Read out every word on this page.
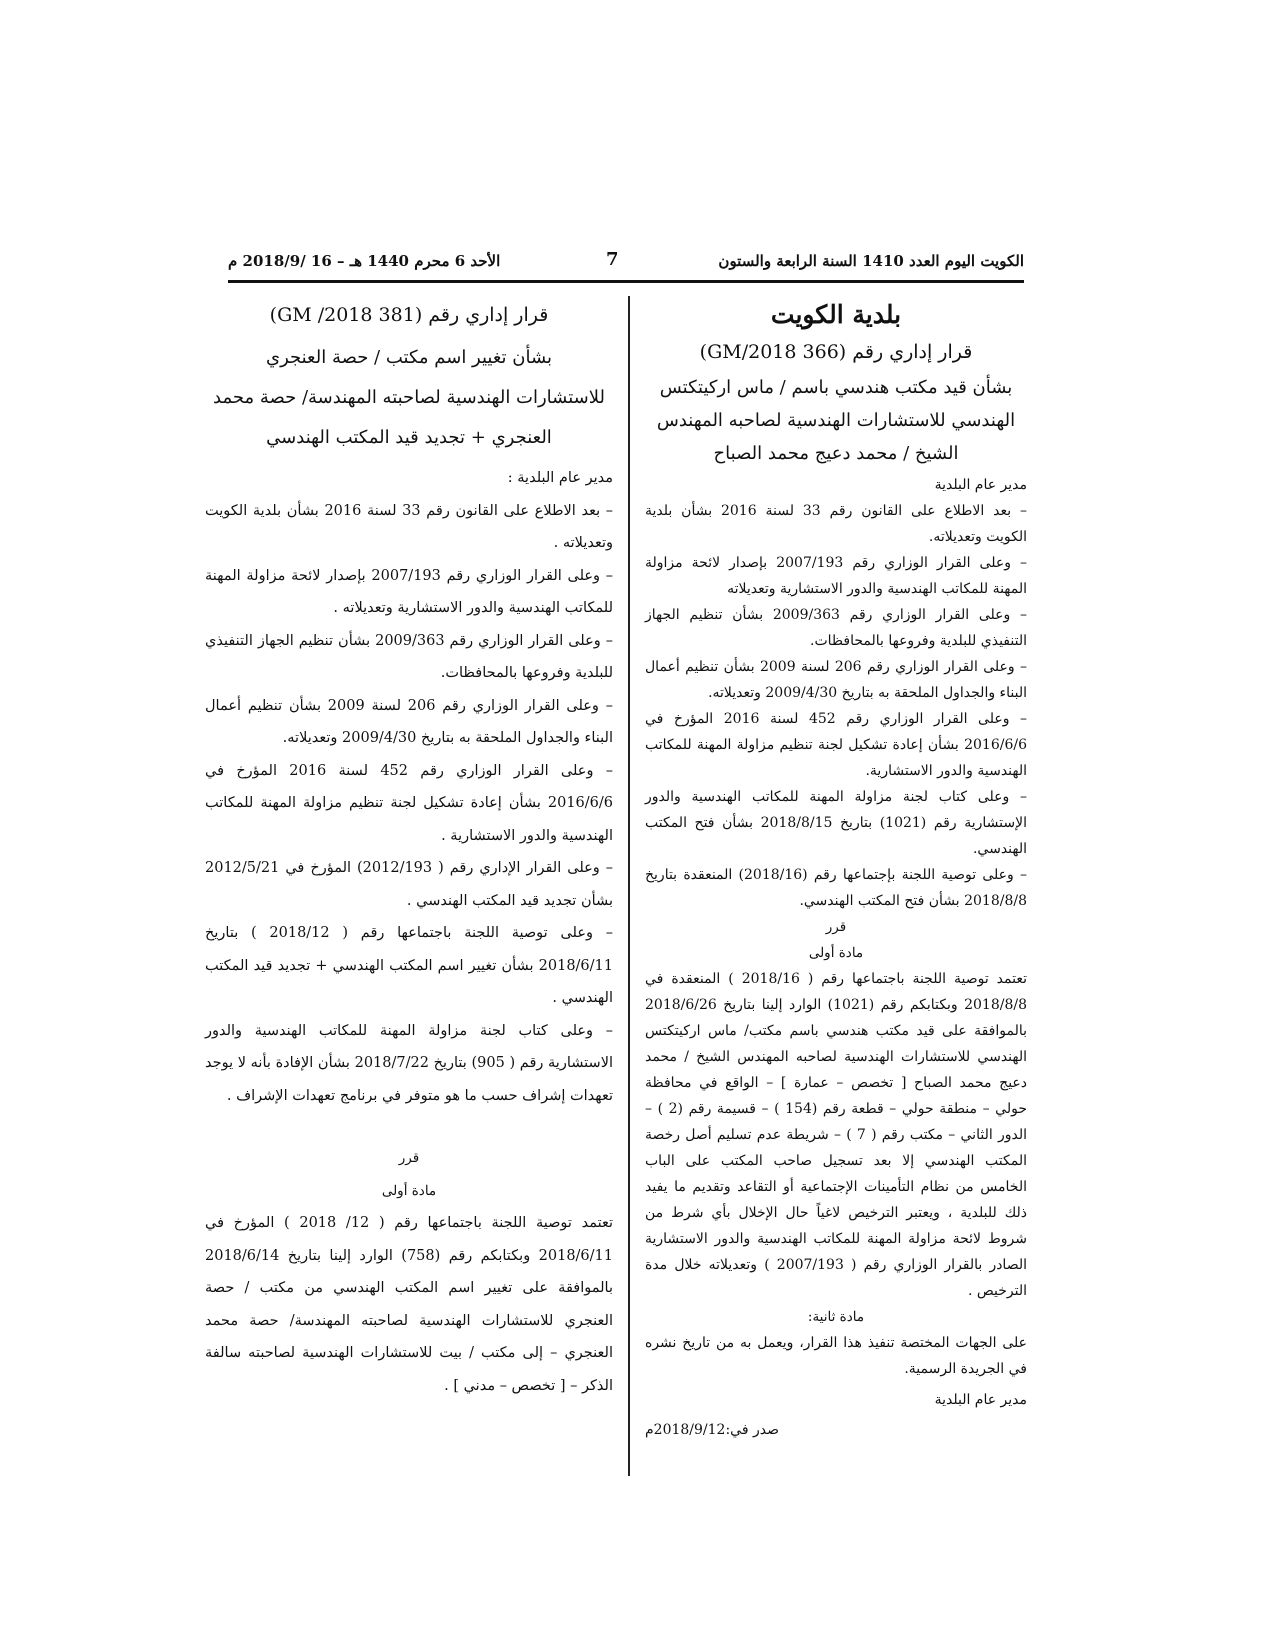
الكويت اليوم العدد 1410 السنة الرابعة والستون
7
الأحد 6 محرم 1440 هـ – 16 /2018/9 م
بلدية الكويت
قرار إداري رقم (366 GM/2018)
بشأن قيد مكتب هندسي باسم / ماس اركيتكتس
الهندسي للاستشارات الهندسية لصاحبه المهندس
الشيخ / محمد دعيج محمد الصباح

مدير عام البلدية

– بعد الاطلاع على القانون رقم 33 لسنة 2016 بشأن بلدية الكويت وتعديلاته.

– وعلى القرار الوزاري رقم 2007/193 بإصدار لائحة مزاولة المهنة للمكاتب الهندسية والدور الاستشارية وتعديلاته

– وعلى القرار الوزاري رقم 2009/363 بشأن تنظيم الجهاز التنفيذي للبلدية وفروعها بالمحافظات.

– وعلى القرار الوزاري رقم 206 لسنة 2009 بشأن تنظيم أعمال البناء والجداول الملحقة به بتاريخ 2009/4/30 وتعديلاته.

– وعلى القرار الوزاري رقم 452 لسنة 2016 المؤرخ في 2016/6/6 بشأن إعادة تشكيل لجنة تنظيم مزاولة المهنة للمكاتب الهندسية والدور الاستشارية.

– وعلى كتاب لجنة مزاولة المهنة للمكاتب الهندسية والدور الإستشارية رقم (1021) بتاريخ 2018/8/15 بشأن فتح المكتب الهندسي.

– وعلى توصية اللجنة بإجتماعها رقم (2018/16) المنعقدة بتاريخ 2018/8/8 بشأن فتح المكتب الهندسي.

قرر

مادة أولى

تعتمد توصية اللجنة باجتماعها رقم ( 2018/16 ) المنعقدة في 2018/8/8 وبكتابكم رقم (1021) الوارد إلينا بتاريخ 2018/6/26 بالموافقة على قيد مكتب هندسي باسم مكتب/ ماس اركيتكتس الهندسي للاستشارات الهندسية لصاحبه المهندس الشيخ / محمد دعيج محمد الصباح [ تخصص – عمارة ] – الواقع في محافظة حولي – منطقة حولي – قطعة رقم (154 ) – قسيمة رقم (2 ) – الدور الثاني – مكتب رقم ( 7 ) – شريطة عدم تسليم أصل رخصة المكتب الهندسي إلا بعد تسجيل صاحب المكتب على الباب الخامس من نظام التأمينات الإجتماعية أو التقاعد وتقديم ما يفيد ذلك للبلدية ، ويعتبر الترخيص لاغياً حال الإخلال بأي شرط من شروط لائحة مزاولة المهنة للمكاتب الهندسية والدور الاستشارية الصادر بالقرار الوزاري رقم ( 2007/193 ) وتعديلاته خلال مدة الترخيص .

مادة ثانية:

على الجهات المختصة تنفيذ هذا القرار، ويعمل به من تاريخ نشره في الجريدة الرسمية.

مدير عام البلدية

صدر في:2018/9/12م

قرار إداري رقم (381 GM /2018)
بشأن تغيير اسم مكتب / حصة العنجري
للاستشارات الهندسية لصاحبته المهندسة/ حصة محمد
العنجري + تجديد قيد المكتب الهندسي

مدير عام البلدية :

– بعد الاطلاع على القانون رقم 33 لسنة 2016 بشأن بلدية الكويت وتعديلاته .

– وعلى القرار الوزاري رقم 2007/193 بإصدار لائحة مزاولة المهنة للمكاتب الهندسية والدور الاستشارية وتعديلاته .

– وعلى القرار الوزاري رقم 2009/363 بشأن تنظيم الجهاز التنفيذي للبلدية وفروعها بالمحافظات.

– وعلى القرار الوزاري رقم 206 لسنة 2009 بشأن تنظيم أعمال البناء والجداول الملحقة به بتاريخ 2009/4/30 وتعديلاته.

– وعلى القرار الوزاري رقم 452 لسنة 2016 المؤرخ في 2016/6/6 بشأن إعادة تشكيل لجنة تنظيم مزاولة المهنة للمكاتب الهندسية والدور الاستشارية .

– وعلى القرار الإداري رقم ( 2012/193) المؤرخ في 2012/5/21 بشأن تجديد قيد المكتب الهندسي .

– وعلى توصية اللجنة باجتماعها رقم ( 2018/12 ) بتاريخ 2018/6/11 بشأن تغيير اسم المكتب الهندسي + تجديد قيد المكتب الهندسي .

– وعلى كتاب لجنة مزاولة المهنة للمكاتب الهندسية والدور الاستشارية رقم ( 905) بتاريخ 2018/7/22 بشأن الإفادة بأنه لا يوجد تعهدات إشراف حسب ما هو متوفر في برنامج تعهدات الإشراف .

قرر

مادة أولى

تعتمد توصية اللجنة باجتماعها رقم ( 12/ 2018 ) المؤرخ في 2018/6/11 وبكتابكم رقم (758) الوارد إلينا بتاريخ 2018/6/14 بالموافقة على تغيير اسم المكتب الهندسي من مكتب / حصة العنجري للاستشارات الهندسية لصاحبته المهندسة/ حصة محمد العنجري – إلى مكتب / بيت للاستشارات الهندسية لصاحبته سالفة الذكر – [ تخصص – مدني ] .
